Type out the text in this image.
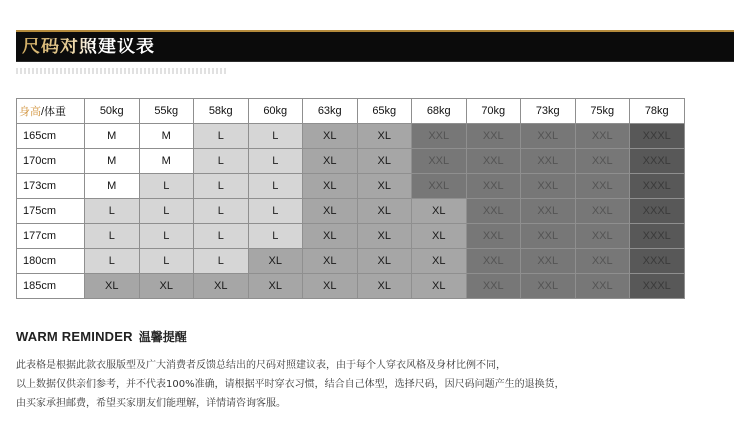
尺码对照建议表
身高/体重	50kg	55kg	58kg	60kg	63kg	65kg	68kg	70kg	73kg	75kg	78kg
165cm	M	M	L	L	XL	XL	XXL	XXL	XXL	XXL	XXXL
170cm	M	M	L	L	XL	XL	XXL	XXL	XXL	XXL	XXXL
173cm	M	L	L	L	XL	XL	XXL	XXL	XXL	XXL	XXXL
175cm	L	L	L	L	XL	XL	XL	XXL	XXL	XXL	XXXL
177cm	L	L	L	L	XL	XL	XL	XXL	XXL	XXL	XXXL
180cm	L	L	L	XL	XL	XL	XL	XXL	XXL	XXL	XXXL
185cm	XL	XL	XL	XL	XL	XL	XL	XXL	XXL	XXL	XXXL
WARM REMINDER 温馨提醒
此表格是根据此款衣服版型及广大消费者反馈总结出的尺码对照建议表，由于每个人穿衣风格及身材比例不同，
以上数据仅供亲们参考，并不代表100%准确，请根据平时穿衣习惯，结合自己体型，选择尺码，因尺码问题产生的退换货，
由买家承担邮费，希望买家朋友们能理解，详情请咨询客服。
